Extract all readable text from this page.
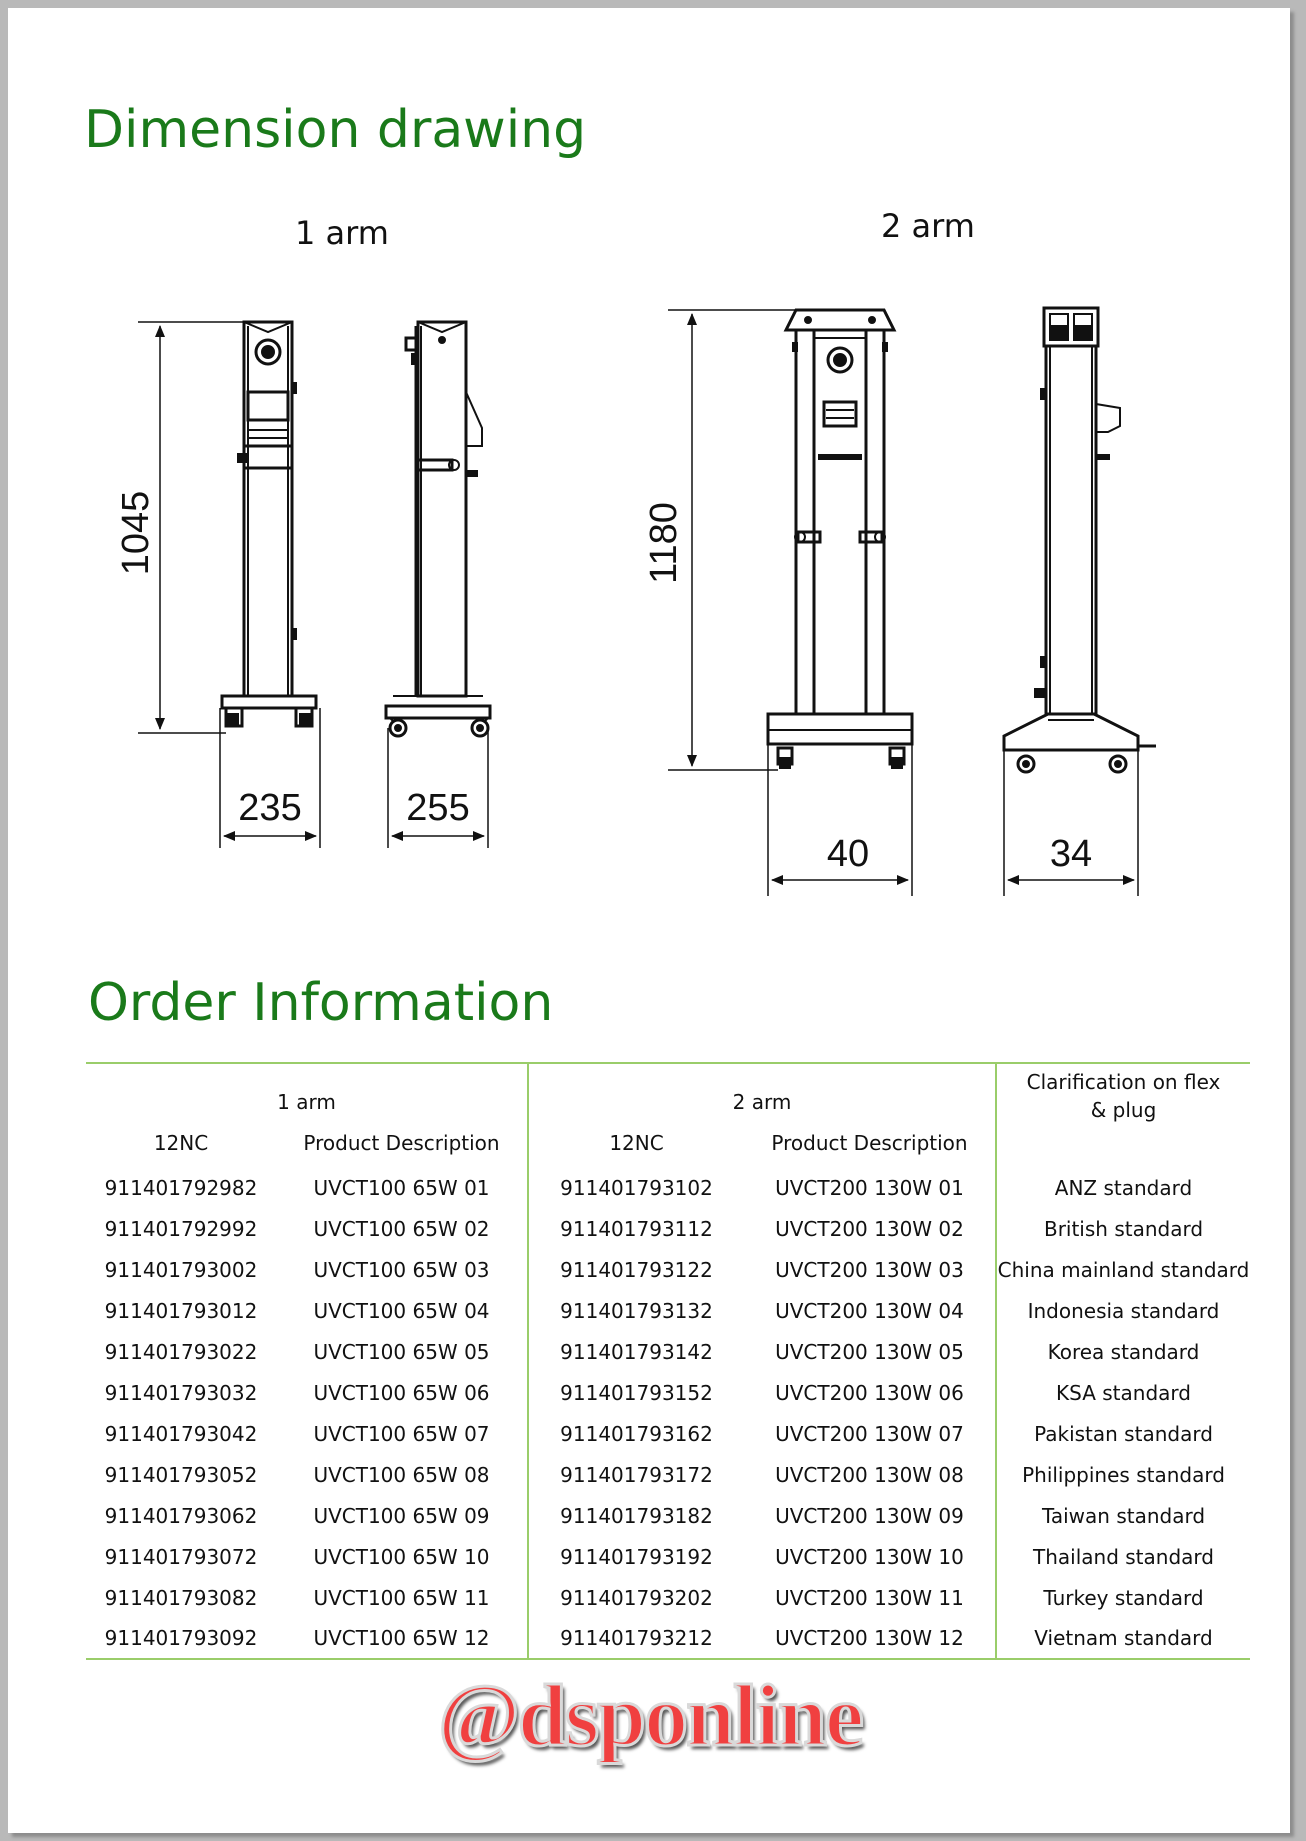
Dimension drawing
1 arm	2 arm
1045
235	255
1180
40	34
Order Information
1 arm		2 arm		Clarification on flex & plug
12NC	Product Description	12NC	Product Description	
911401792982	UVCT100 65W 01	911401793102	UVCT200 130W 01	ANZ standard
911401792992	UVCT100 65W 02	911401793112	UVCT200 130W 02	British standard
911401793002	UVCT100 65W 03	911401793122	UVCT200 130W 03	China mainland standard
911401793012	UVCT100 65W 04	911401793132	UVCT200 130W 04	Indonesia standard
911401793022	UVCT100 65W 05	911401793142	UVCT200 130W 05	Korea standard
911401793032	UVCT100 65W 06	911401793152	UVCT200 130W 06	KSA standard
911401793042	UVCT100 65W 07	911401793162	UVCT200 130W 07	Pakistan standard
911401793052	UVCT100 65W 08	911401793172	UVCT200 130W 08	Philippines standard
911401793062	UVCT100 65W 09	911401793182	UVCT200 130W 09	Taiwan standard
911401793072	UVCT100 65W 10	911401793192	UVCT200 130W 10	Thailand standard
911401793082	UVCT100 65W 11	911401793202	UVCT200 130W 11	Turkey standard
911401793092	UVCT100 65W 12	911401793212	UVCT200 130W 12	Vietnam standard
@dsponline
